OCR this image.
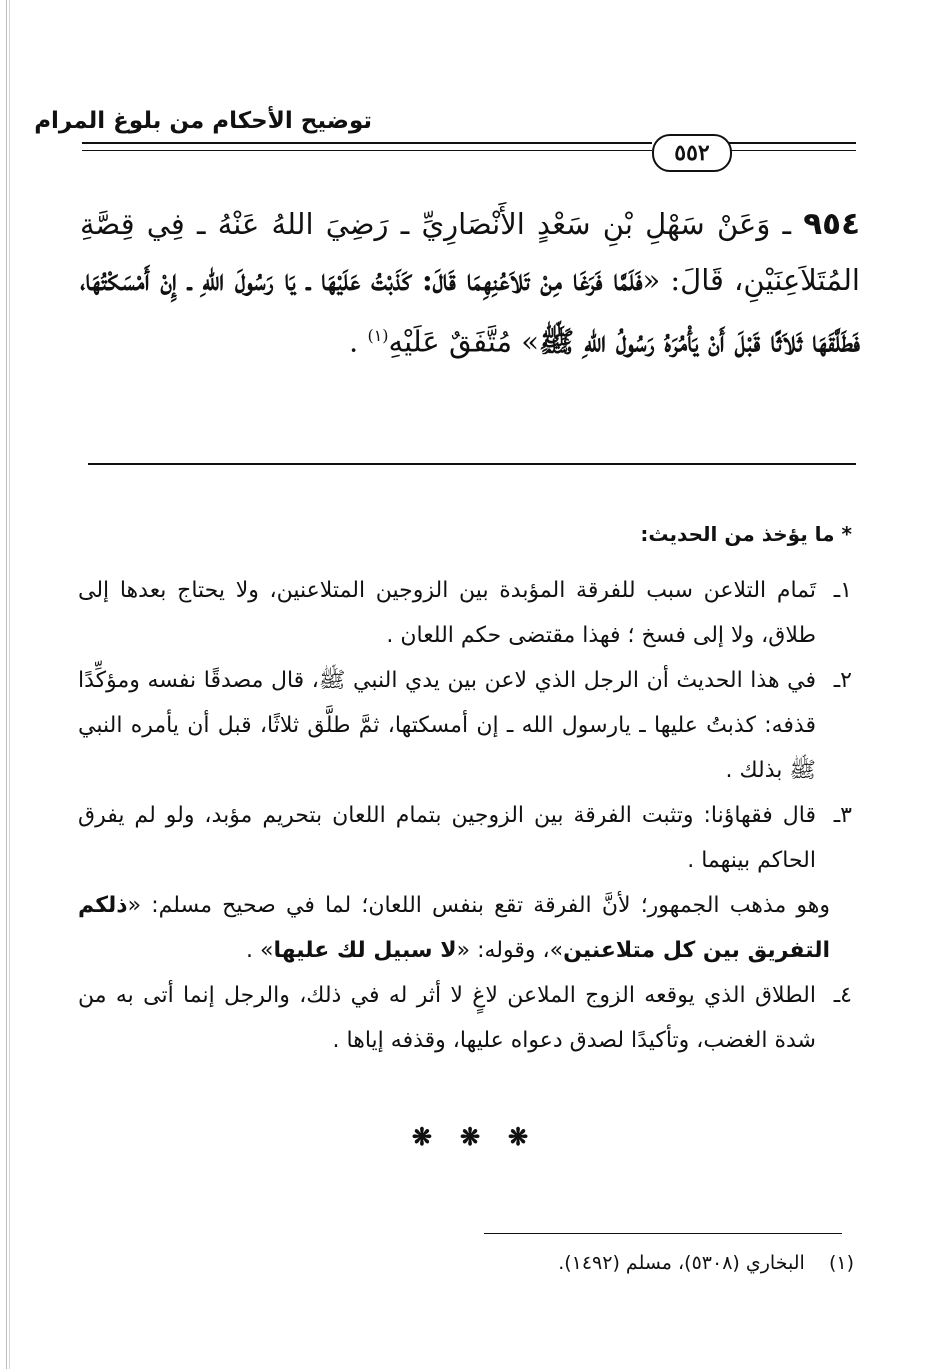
توضيح الأحكام من بلوغ المرام
٥٥٢
٩٥٤ ـ وَعَنْ سَهْلِ بْنِ سَعْدٍ الأَنْصَارِيِّ ـ رَضِيَ اللهُ عَنْهُ ـ فِي قِصَّةِ المُتَلاَعِنَيْنِ، قَالَ: «فَلَمَّا فَرَغَا مِنْ تَلاَعُنِهِمَا قَالَ: كَذَبْتُ عَلَيْهَا ـ يَا رَسُولَ اللهِ ـ إِنْ أَمْسَكْتُهَا، فَطَلَّقَهَا ثَلاَثًا قَبْلَ أَنْ يَأْمُرَهُ رَسُولُ اللهِ ﷺ» مُتَّفَقٌ عَلَيْهِ$^{(١)}$ .
* ما يؤخذ من الحديث:

١ـ
تَمام التلاعن سبب للفرقة المؤبدة بين الزوجين المتلاعنين، ولا يحتاج بعدها إلى طلاق، ولا إلى فسخ ؛ فهذا مقتضى حكم اللعان .

٢ـ
في هذا الحديث أن الرجل الذي لاعن بين يدي النبي ﷺ، قال مصدقًا نفسه ومؤكِّدًا قذفه: كذبتُ عليها ـ يارسول الله ـ إن أمسكتها، ثمَّ طلَّق ثلاثًا، قبل أن يأمره النبي ﷺ بذلك .

٣ـ
قال فقهاؤنا: وتثبت الفرقة بين الزوجين بتمام اللعان بتحريم مؤبد، ولو لم يفرق الحاكم بينهما .

وهو مذهب الجمهور؛ لأنَّ الفرقة تقع بنفس اللعان؛ لما في صحيح مسلم: «ذلكم التفريق بين كل متلاعنين»، وقوله: «لا سبيل لك عليها» .

٤ـ
الطلاق الذي يوقعه الزوج الملاعن لاغٍ لا أثر له في ذلك، والرجل إنما أتى به من شدة الغضب، وتأكيدًا لصدق دعواه عليها، وقذفه إياها .

❋ ❋ ❋
(١)    البخاري (٥٣٠٨)، مسلم (١٤٩٢).
